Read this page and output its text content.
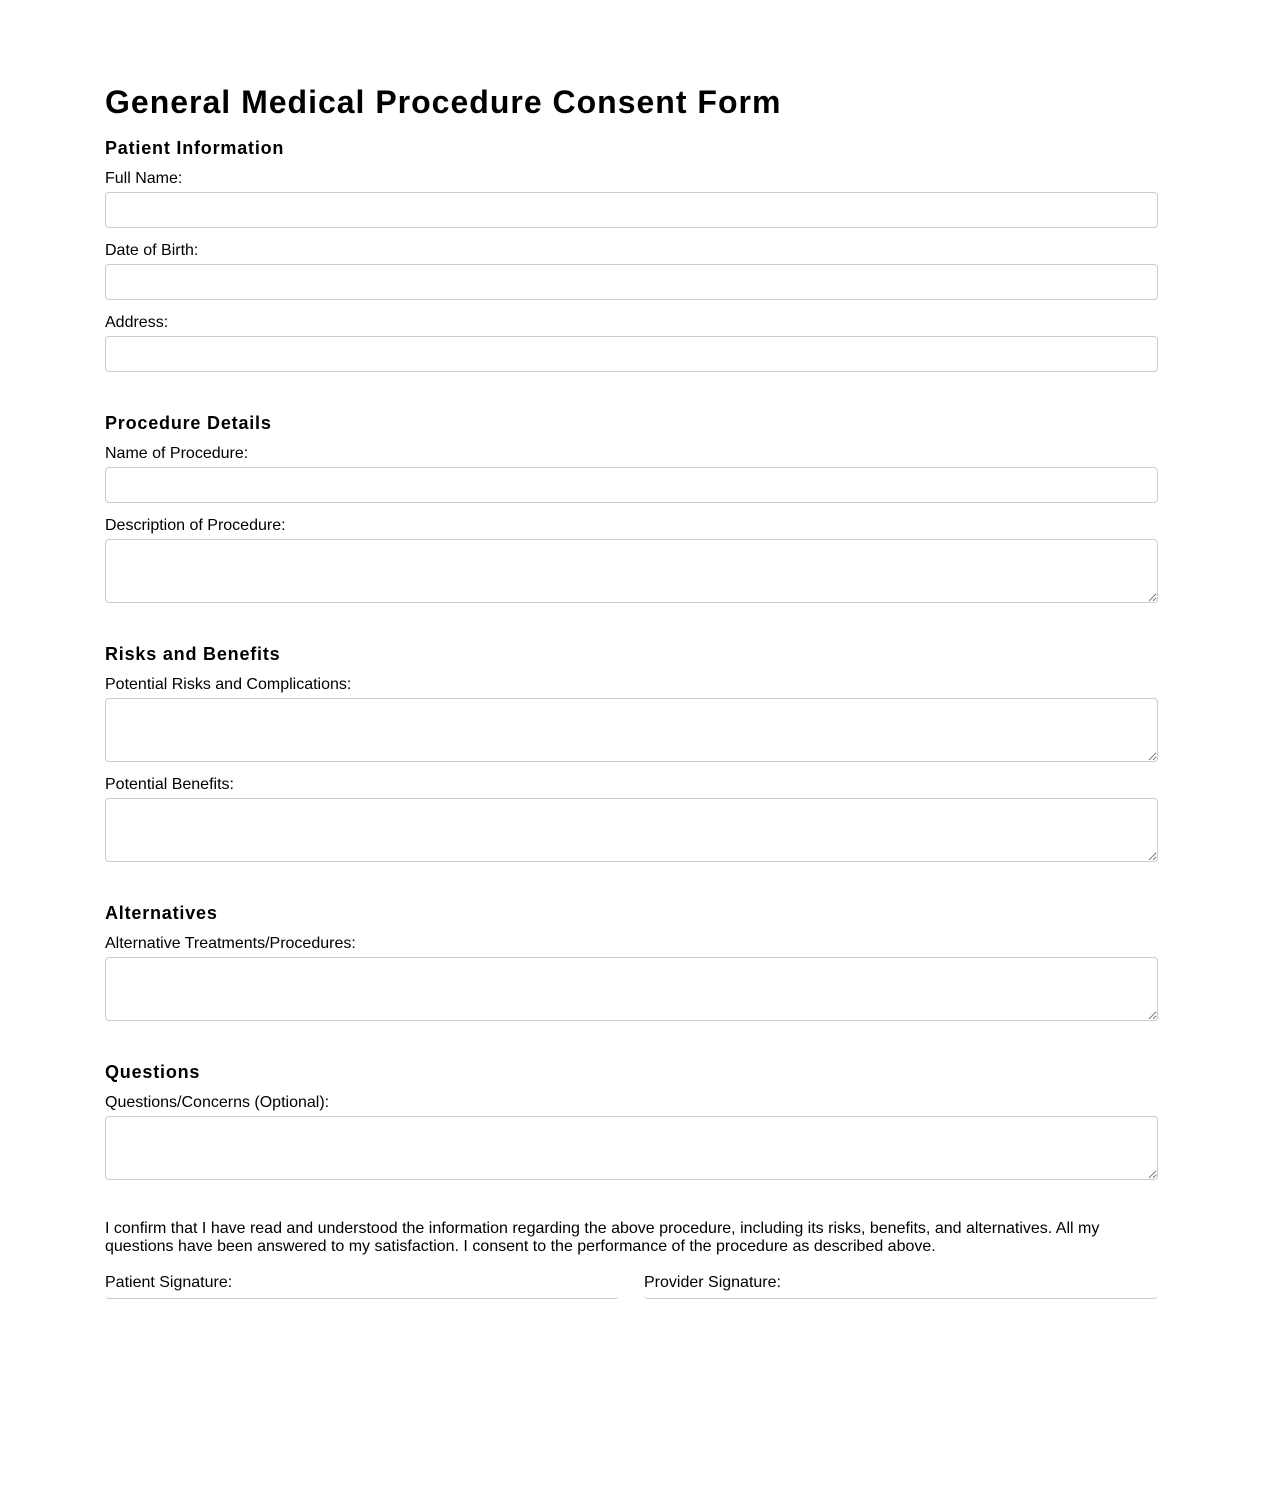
General Medical Procedure Consent Form
Patient Information
Full Name:
Date of Birth:
Address:
Procedure Details
Name of Procedure:
Description of Procedure:
Risks and Benefits
Potential Risks and Complications:
Potential Benefits:
Alternatives
Alternative Treatments/Procedures:
Questions
Questions/Concerns (Optional):

I confirm that I have read and understood the information regarding the above procedure, including its risks, benefits, and alternatives. All my questions have been answered to my satisfaction. I consent to the performance of the procedure as described above.

Patient Signature:	Provider Signature:
